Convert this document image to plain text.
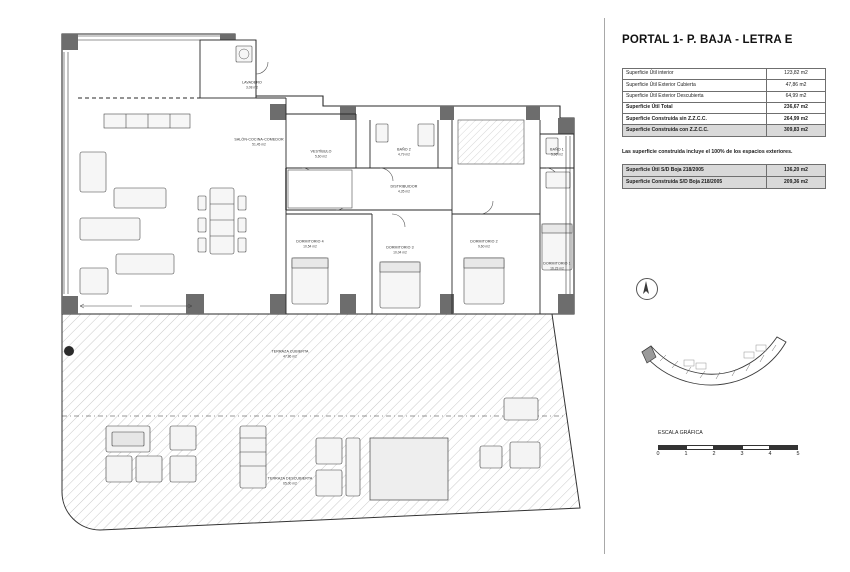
LAVADERO
3,08 m2
SALÓN-COCINA-COMEDOR
51,45 m2
VESTÍBULO
5,60 m2
BAÑO 2
4,79 m2
BAÑO 1
5,96 m2
DISTRIBUIDOR
4,35 m2
DORMITORIO 4
10,54 m2	DORMITORIO 3
10,04 m2
DORMITORIO 2
9,60 m2
DORMITORIO 1
16,23 m2
TERRAZA CUBIERTA
47,86 m2
TERRAZA DESCUBIERTA
65,00 m2
PORTAL 1- P. BAJA - LETRA E
Superficie Útil interior	123,82 m2
Superficie Útil Exterior Cubierta	47,86 m2
Superficie Útil Exterior Descubierta	64,99 m2
Superficie Útil Total	236,67 m2
Superficie Construida sin Z.Z.C.C.	264,99 m2
Superficie Construida con Z.Z.C.C.	309,83 m2
Las superficie construida incluye el 100% de los espacios exteriores.
Superficie Útil S/D Boja 218/2005	136,20 m2
Superficie Construida S/D Boja 218/2005	209,36 m2
ESCALA GRÁFICA
0	1	2	3	4	5
